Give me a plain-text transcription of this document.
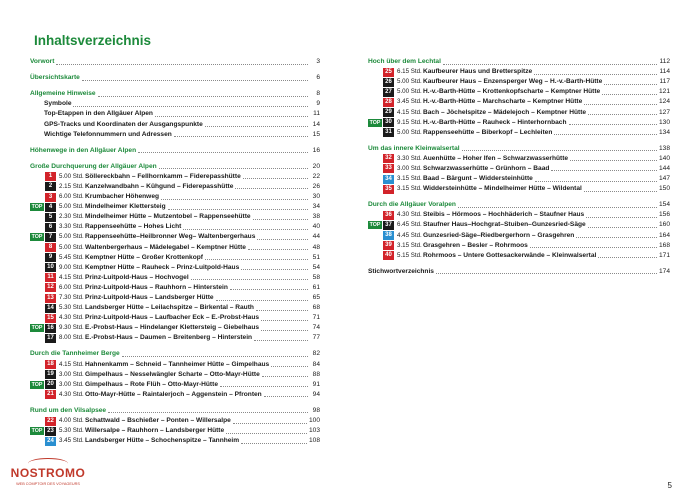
Inhaltsverzeichnis
Vorwort	3
Übersichtskarte	6
Allgemeine Hinweise	8
Symbole	9
Top-Etappen in den Allgäuer Alpen	11
GPS-Tracks und Koordinaten der Ausgangspunkte	14
Wichtige Telefonnummern und Adressen	15
Höhenwege in den Allgäuer Alpen	16
Große Durchquerung der Allgäuer Alpen	20
1	5.00 Std. Söllereckbahn – Fellhornkamm – Fiderepasshütte	22
2	2.15 Std. Kanzelwandbahn – Kühgund – Fiderepasshütte	26
3	6.00 Std. Krumbacher Höhenweg	30
TOP	4	5.00 Std. Mindelheimer Klettersteig	34
5	2.30 Std. Mindelheimer Hütte – Mutzentobel – Rappenseehütte	38
6	3.30 Std. Rappenseehütte – Hohes Licht	40
TOP	7	5.00 Std. Rappenseehütte–Heilbronner Weg– Waltenbergerhaus	44
8	5.00 Std. Waltenbergerhaus – Mädelegabel – Kemptner Hütte	48
9	5.45 Std. Kemptner Hütte – Großer Krottenkopf	51
10 9.00 Std. Kemptner Hütte – Rauheck – Prinz-Luitpold-Haus	54
11 4.15 Std. Prinz-Luitpold-Haus – Hochvogel	58
12 6.00 Std. Prinz-Luitpold-Haus – Rauhhorn – Hinterstein	61
13 7.30 Std. Prinz-Luitpold-Haus – Landsberger Hütte	65
14 5.30 Std. Landsberger Hütte – Leilachspitze – Birkental – Rauth	68
15 4.30 Std. Prinz-Luitpold-Haus – Laufbacher Eck – E.-Probst-Haus	71
TOP 16 9.30 Std. E.-Probst-Haus – Hindelanger Klettersteig – Giebelhaus	74
17 8.00 Std. E.-Probst-Haus – Daumen – Breitenberg – Hinterstein	77
Durch die Tannheimer Berge	82
18 4.15 Std. Hahnenkamm – Schneid – Tannheimer Hütte – Gimpelhaus	84
19 3.00 Std. Gimpelhaus – Nesselwängler Scharte – Otto-Mayr-Hütte	88
TOP 20 3.00 Std. Gimpelhaus – Rote Flüh – Otto-Mayr-Hütte	91
21 4.30 Std. Otto-Mayr-Hütte – Raintalerjoch – Aggenstein – Pfronten	94
Rund um den Vilsalpsee	98
22 4.00 Std. Schattwald – Bschießer – Ponten – Willersalpe	100
TOP 23 5.30 Std. Willersalpe – Rauhhorn – Landsberger Hütte	103
24 3.45 Std. Landsberger Hütte – Schochenspitze – Tannheim	108
Hoch über dem Lechtal	112
25 6.15 Std. Kaufbeurer Haus und Bretterspitze	114
26 5.00 Std. Kaufbeurer Haus – Enzensperger Weg – H.-v.-Barth-Hütte	117
27 5.00 Std. H.-v.-Barth-Hütte – Krottenkopfscharte – Kemptner Hütte	121
28 3.45 Std. H.-v.-Barth-Hütte – Marchscharte – Kemptner Hütte	124
29 4.15 Std. Bach – Jöchelspitze – Mädelejoch – Kemptner Hütte	127
TOP 30 9.15 Std. H.-v.-Barth-Hütte – Rauheck – Hinterhornbach	130
31 5.00 Std. Rappenseehütte – Biberkopf – Lechleiten	134
Um das innere Kleinwalsertal	138
32 3.30 Std. Auenhütte – Hoher Ifen – Schwarzwasserhütte	140
33 3.00 Std. Schwarzwasserhütte – Grünhorn – Baad	144
34 3.15 Std. Baad – Bärgunt – Widdersteinhütte	147
35 3.15 Std. Widdersteinhütte – Mindelheimer Hütte – Wildental	150
Durch die Allgäuer Voralpen	154
36 4.30 Std. Steibis – Hörmoos – Hochhäderich – Staufner Haus	156
TOP 37 6.45 Std. Staufner Haus–Hochgrat–Stuiben–Gunzesried-Säge	160
38 4.45 Std. Gunzesried-Säge–Riedbergerhorn – Grasgehren	164
39 3.15 Std. Grasgehren – Besler – Rohrmoos	168
40 5.15 Std. Rohrmoos – Untere Gottesackerwände – Kleinwalsertal	171
Stichwortverzeichnis	174
5
NOSTROMO
WEB COMPTOIR DES VOYAGEURS
